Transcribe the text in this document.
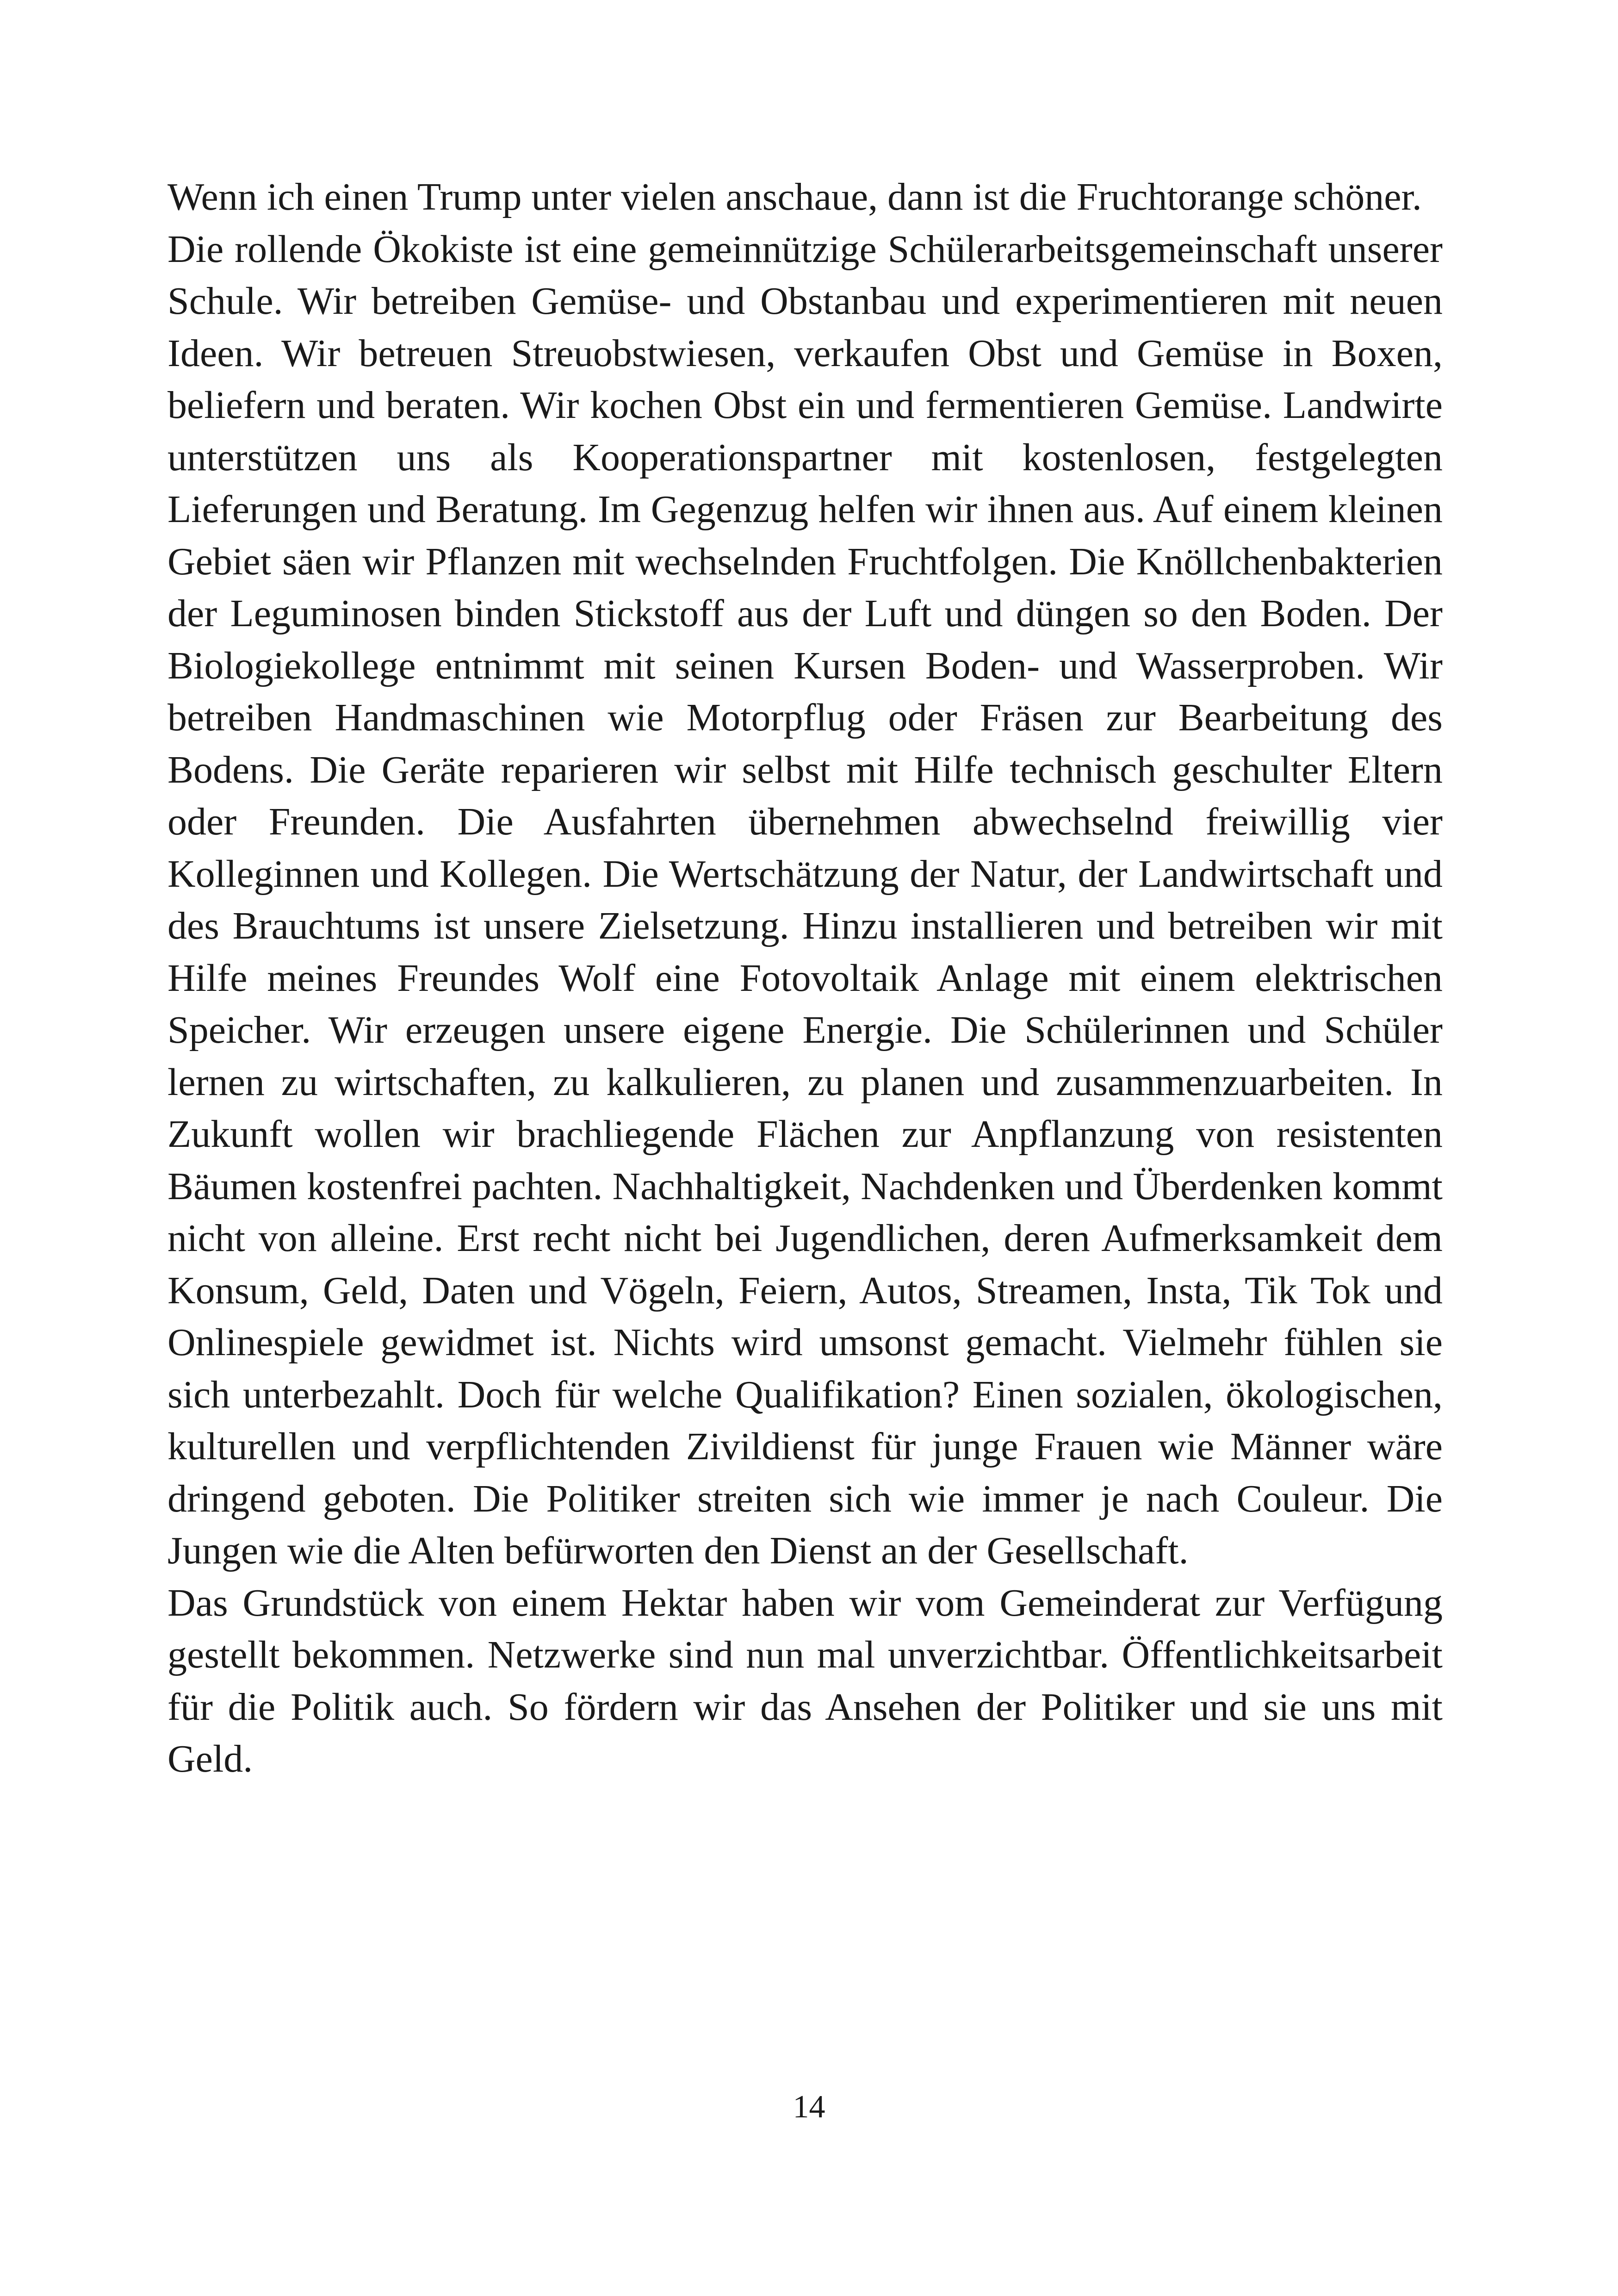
Wenn ich einen Trump unter vielen anschaue, dann ist die Fruchtorange schöner.

Die rollende Ökokiste ist eine gemeinnützige Schülerarbeitsgemeinschaft unserer Schule. Wir betreiben Gemüse- und Obstanbau und experimentieren mit neuen Ideen. Wir betreuen Streuobstwiesen, verkaufen Obst und Gemüse in Boxen, beliefern und beraten. Wir kochen Obst ein und fermentieren Gemüse. Landwirte unterstützen uns als Kooperationspartner mit kostenlosen, festgelegten Lieferungen und Beratung. Im Gegenzug helfen wir ihnen aus. Auf einem kleinen Gebiet säen wir Pflanzen mit wechselnden Fruchtfolgen. Die Knöllchenbakterien der Leguminosen binden Stickstoff aus der Luft und düngen so den Boden. Der Biologiekollege entnimmt mit seinen Kursen Boden- und Wasserproben. Wir betreiben Handmaschinen wie Motorpflug oder Fräsen zur Bearbeitung des Bodens. Die Geräte reparieren wir selbst mit Hilfe technisch geschulter Eltern oder Freunden. Die Ausfahrten übernehmen abwechselnd freiwillig vier Kolleginnen und Kollegen. Die Wertschätzung der Natur, der Landwirtschaft und des Brauchtums ist unsere Zielsetzung. Hinzu installieren und betreiben wir mit Hilfe meines Freundes Wolf eine Fotovoltaik Anlage mit einem elektrischen Speicher. Wir erzeugen unsere eigene Energie. Die Schülerinnen und Schüler lernen zu wirtschaften, zu kalkulieren, zu planen und zusammenzuarbeiten. In Zukunft wollen wir brachliegende Flächen zur Anpflanzung von resistenten Bäumen kostenfrei pachten. Nachhaltigkeit, Nachdenken und Überdenken kommt nicht von alleine. Erst recht nicht bei Jugendlichen, deren Aufmerksamkeit dem Konsum, Geld, Daten und Vögeln, Feiern, Autos, Streamen, Insta, Tik Tok und Onlinespiele gewidmet ist. Nichts wird umsonst gemacht. Vielmehr fühlen sie sich unterbezahlt. Doch für welche Qualifikation? Einen sozialen, ökologischen, kulturellen und verpflichtenden Zivildienst für junge Frauen wie Männer wäre dringend geboten. Die Politiker streiten sich wie immer je nach Couleur. Die Jungen wie die Alten befürworten den Dienst an der Gesellschaft.

Das Grundstück von einem Hektar haben wir vom Gemeinderat zur Verfügung gestellt bekommen. Netzwerke sind nun mal unverzichtbar. Öffentlichkeitsarbeit für die Politik auch. So fördern wir das Ansehen der Politiker und sie uns mit Geld.

14
